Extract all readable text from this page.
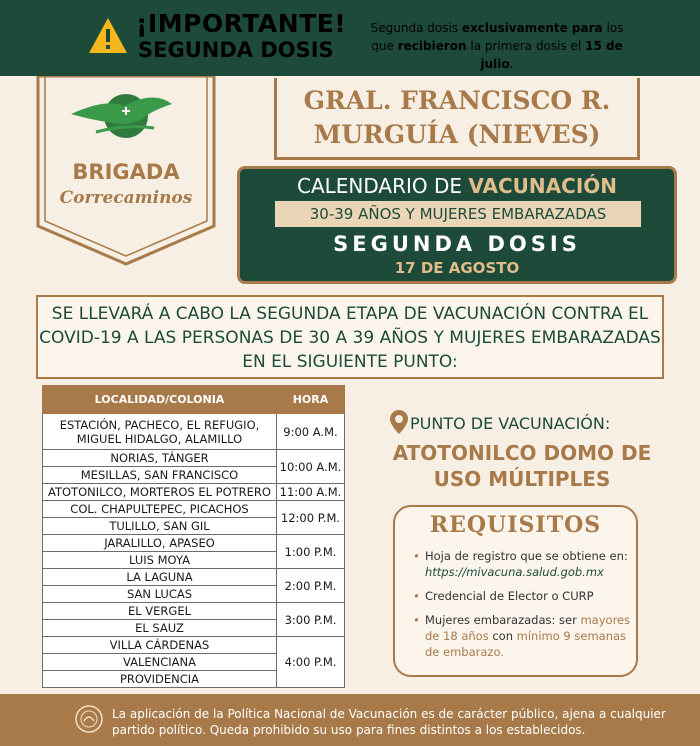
¡IMPORTANTE!
SEGUNDA DOSIS
Segunda dosis exclusivamente para los que recibieron la primera dosis el 15 de julio.
BRIGADA
Correcaminos
GRAL. FRANCISCO R.
MURGUÍA (NIEVES)
CALENDARIO DE VACUNACIÓN
30-39 AÑOS Y MUJERES EMBARAZADAS
SEGUNDA DOSIS
17 DE AGOSTO
SE LLEVARÁ A CABO LA SEGUNDA ETAPA DE VACUNACIÓN CONTRA EL COVID-19 A LAS PERSONAS DE 30 A 39 AÑOS Y MUJERES EMBARAZADAS EN EL SIGUIENTE PUNTO:
LOCALIDAD/COLONIA	HORA
ESTACIÓN, PACHECO, EL REFUGIO, MIGUEL HIDALGO, ALAMILLO	9:00 A.M.
NORIAS, TÁNGER	10:00 A.M.
MESILLAS, SAN FRANCISCO	
ATOTONILCO, MORTEROS EL POTRERO	11:00 A.M.
COL. CHAPULTEPEC, PICACHOS	12:00 P.M.
TULILLO, SAN GIL	
JARALILLO, APASEO	1:00 P.M.
LUIS MOYA	
LA LAGUNA	2:00 P.M.
SAN LUCAS	
EL VERGEL	3:00 P.M.
EL SAUZ	
VILLA CÁRDENAS	4:00 P.M.
VALENCIANA	
PROVIDENCIA	
PUNTO DE VACUNACIÓN:
ATOTONILCO DOMO DE USO MÚLTIPLES
REQUISITOS
• Hoja de registro que se obtiene en: https://mivacuna.salud.gob.mx
• Credencial de Elector o CURP
• Mujeres embarazadas: ser mayores de 18 años con mínimo 9 semanas de embarazo.
La aplicación de la Política Nacional de Vacunación es de carácter público, ajena a cualquier partido político. Queda prohibido su uso para fines distintos a los establecidos.
